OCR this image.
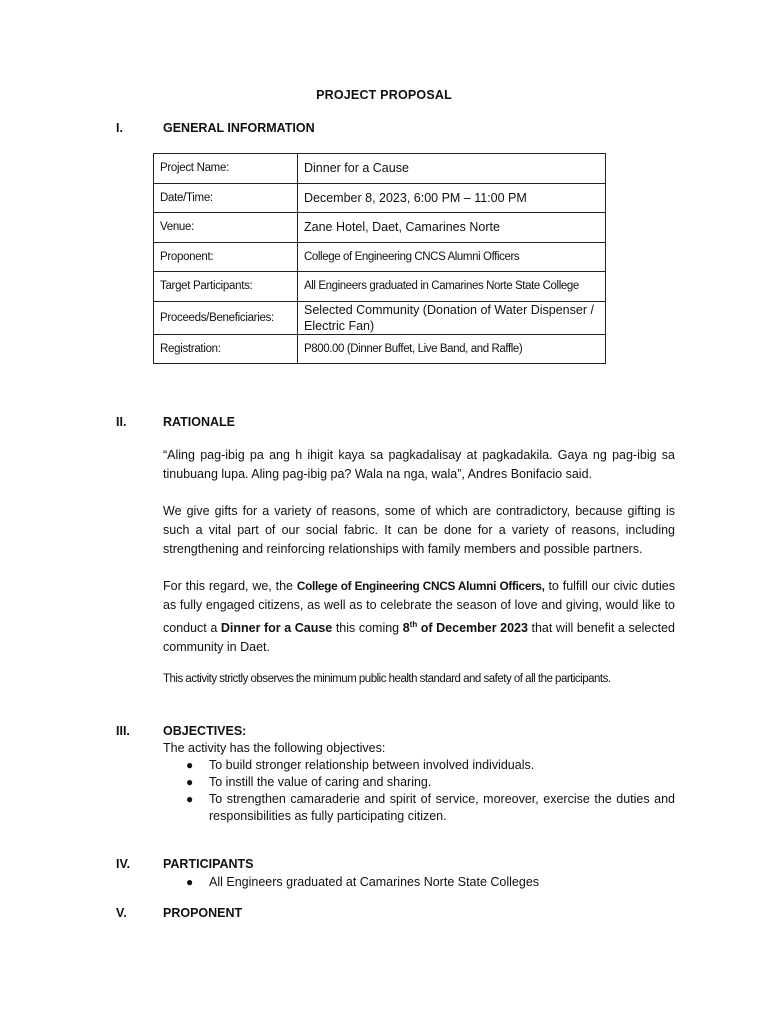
PROJECT PROPOSAL
I.	GENERAL INFORMATION
Project Name:	Dinner for a Cause
Date/Time:	December 8, 2023, 6:00 PM – 11:00 PM
Venue:	Zane Hotel, Daet, Camarines Norte
Proponent:	College of Engineering CNCS Alumni Officers
Target Participants:	All Engineers graduated in Camarines Norte State College
Proceeds/Beneficiaries:	Selected Community (Donation of Water Dispenser / Electric Fan)
Registration:	P800.00 (Dinner Buffet, Live Band, and Raffle)
II.	RATIONALE
“Aling pag-ibig pa ang h ihigit kaya sa pagkadalisay at pagkadakila. Gaya ng pag-ibig sa tinubuang lupa. Aling pag-ibig pa? Wala na nga, wala”, Andres Bonifacio said.
We give gifts for a variety of reasons, some of which are contradictory, because gifting is such a vital part of our social fabric. It can be done for a variety of reasons, including strengthening and reinforcing relationships with family members and possible partners.
For this regard, we, the College of Engineering CNCS Alumni Officers, to fulfill our civic duties as fully engaged citizens, as well as to celebrate the season of love and giving, would like to conduct a Dinner for a Cause this coming 8th of December 2023 that will benefit a selected community in Daet.
This activity strictly observes the minimum public health standard and safety of all the participants.
III.	OBJECTIVES:
The activity has the following objectives:
● To build stronger relationship between involved individuals.
● To instill the value of caring and sharing.
● To strengthen camaraderie and spirit of service, moreover, exercise the duties and responsibilities as fully participating citizen.
IV.	PARTICIPANTS
● All Engineers graduated at Camarines Norte State Colleges
V.	PROPONENT
